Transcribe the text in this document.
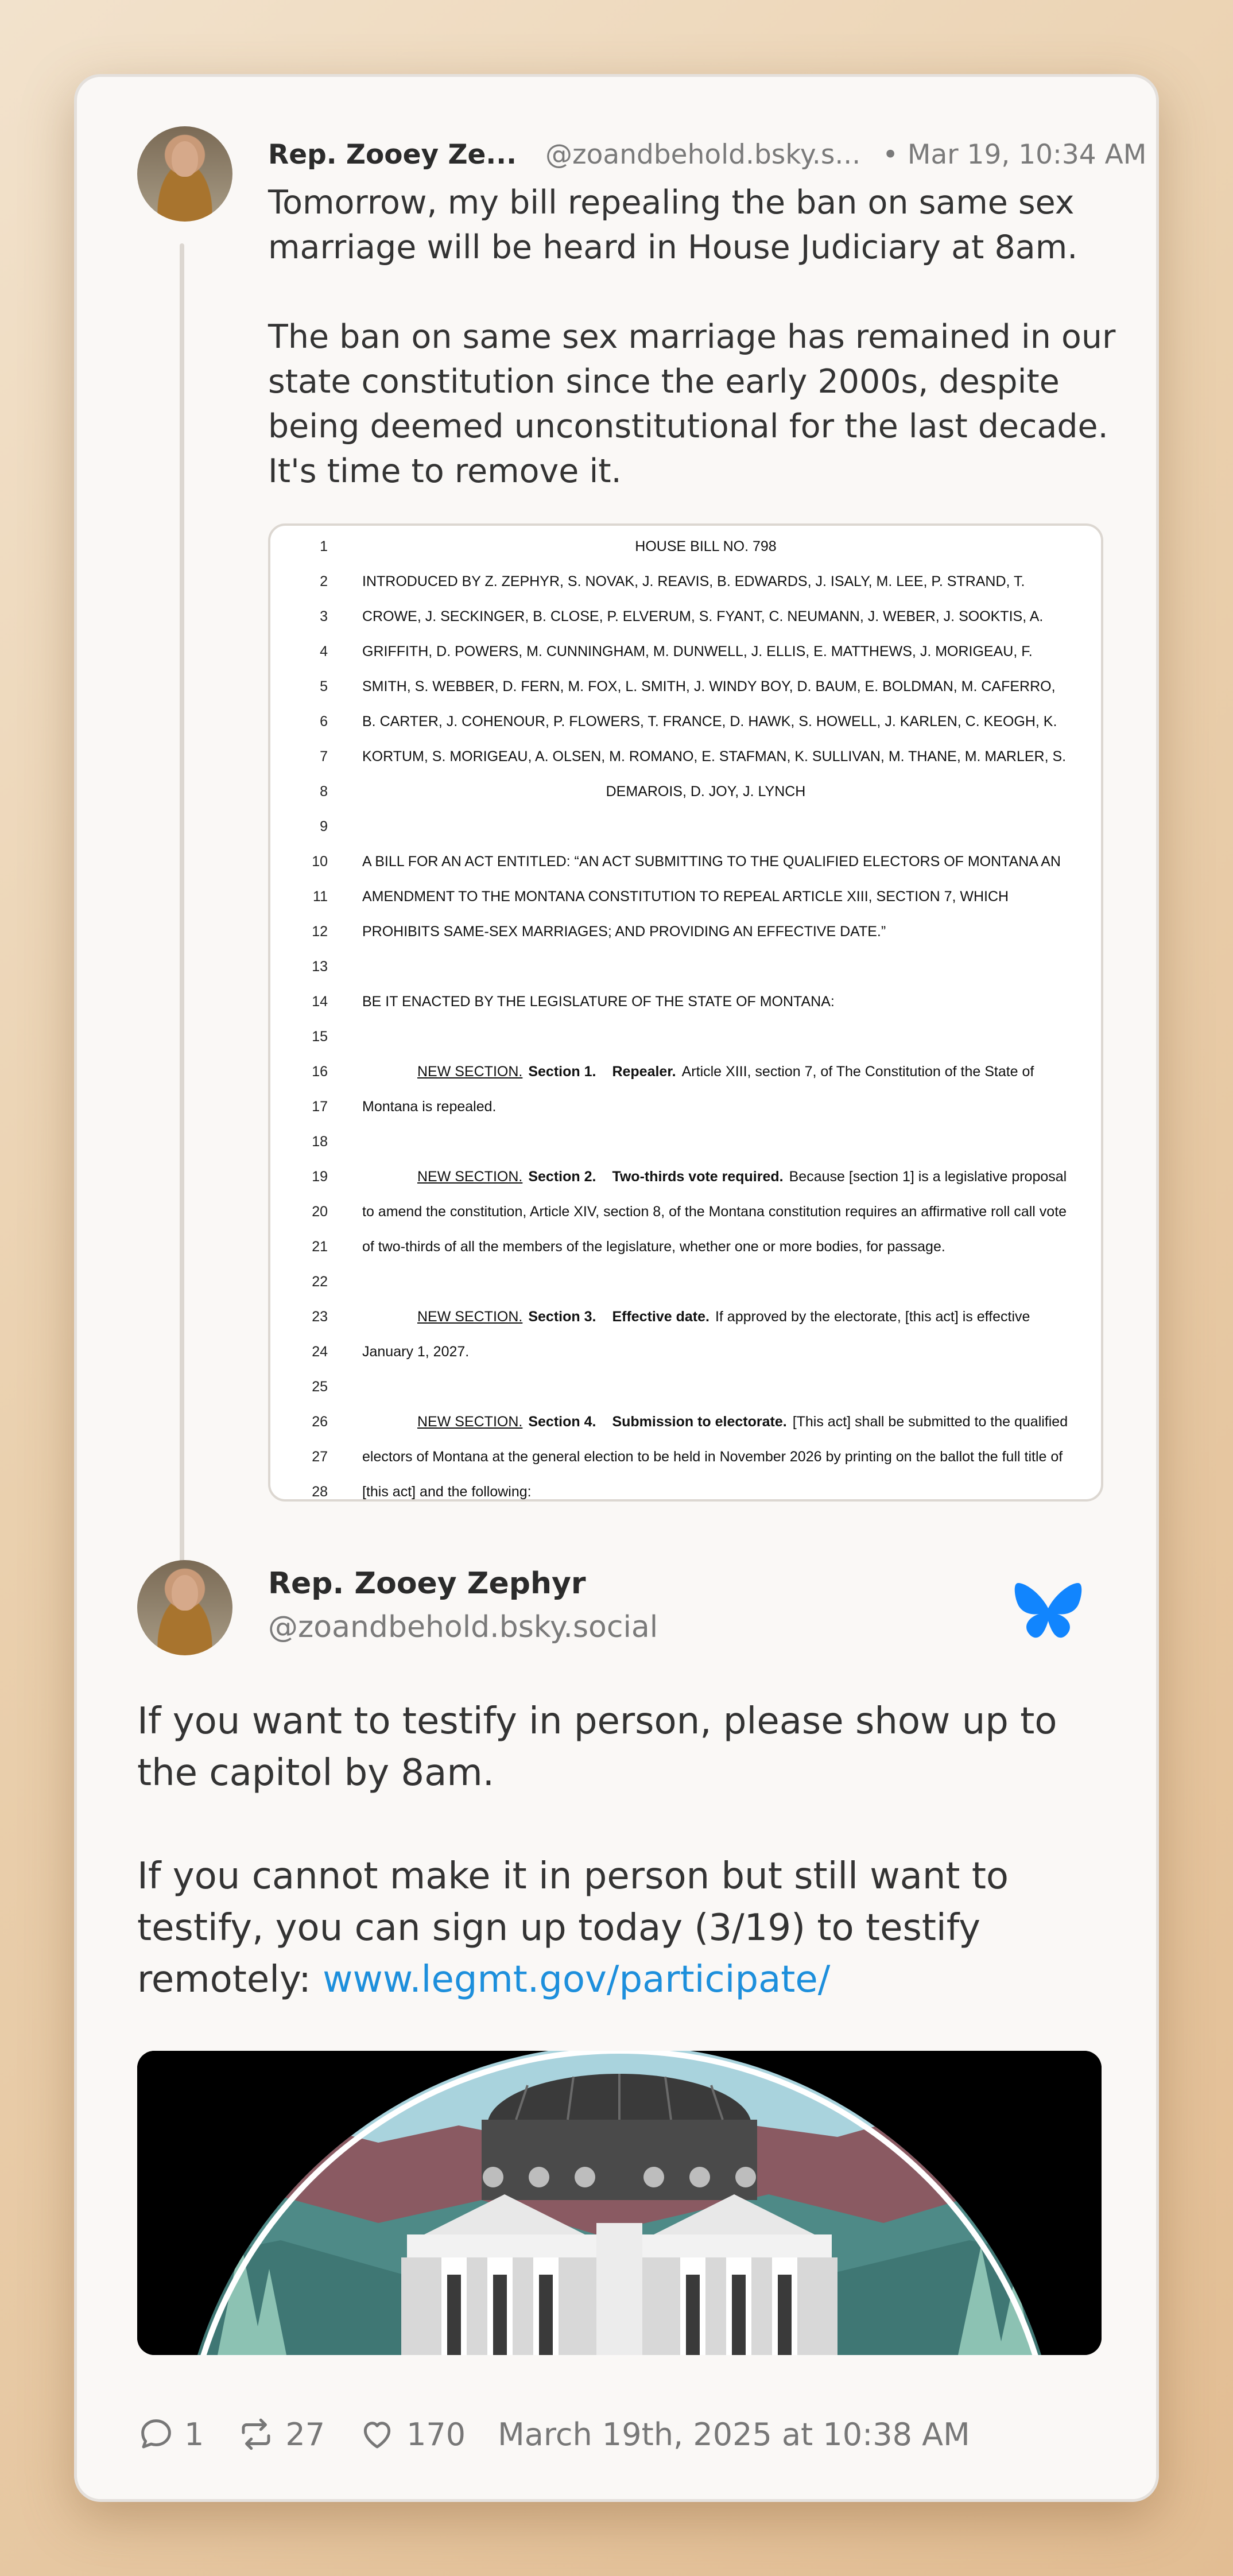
Rep. Zooey Ze... @zoandbehold.bsky.s... • Mar 19, 10:34 AM

Tomorrow, my bill repealing the ban on same sex marriage will be heard in House Judiciary at 8am.

The ban on same sex marriage has remained in our state constitution since the early 2000s, despite being deemed unconstitutional for the last decade. It's time to remove it.

1	HOUSE BILL NO. 798
2 INTRODUCED BY Z. ZEPHYR, S. NOVAK, J. REAVIS, B. EDWARDS, J. ISALY, M. LEE, P. STRAND, T.
3 CROWE, J. SECKINGER, B. CLOSE, P. ELVERUM, S. FYANT, C. NEUMANN, J. WEBER, J. SOOKTIS, A.
4 GRIFFITH, D. POWERS, M. CUNNINGHAM, M. DUNWELL, J. ELLIS, E. MATTHEWS, J. MORIGEAU, F.
5 SMITH, S. WEBBER, D. FERN, M. FOX, L. SMITH, J. WINDY BOY, D. BAUM, E. BOLDMAN, M. CAFERRO,
6 B. CARTER, J. COHENOUR, P. FLOWERS, T. FRANCE, D. HAWK, S. HOWELL, J. KARLEN, C. KEOGH, K.
7 KORTUM, S. MORIGEAU, A. OLSEN, M. ROMANO, E. STAFMAN, K. SULLIVAN, M. THANE, M. MARLER, S.
8	DEMAROIS, D. JOY, J. LYNCH
9
10 A BILL FOR AN ACT ENTITLED: “AN ACT SUBMITTING TO THE QUALIFIED ELECTORS OF MONTANA AN
11 AMENDMENT TO THE MONTANA CONSTITUTION TO REPEAL ARTICLE XIII, SECTION 7, WHICH
12 PROHIBITS SAME-SEX MARRIAGES; AND PROVIDING AN EFFECTIVE DATE.”
13
14 BE IT ENACTED BY THE LEGISLATURE OF THE STATE OF MONTANA:
15
16	NEW SECTION. Section 1. Repealer. Article XIII, section 7, of The Constitution of the State of
17 Montana is repealed.
18
19	NEW SECTION. Section 2. Two-thirds vote required. Because [section 1] is a legislative proposal
20 to amend the constitution, Article XIV, section 8, of the Montana constitution requires an affirmative roll call vote
21 of two-thirds of all the members of the legislature, whether one or more bodies, for passage.
22
23	NEW SECTION. Section 3. Effective date. If approved by the electorate, [this act] is effective
24 January 1, 2027.
25
26	NEW SECTION. Section 4. Submission to electorate. [This act] shall be submitted to the qualified
27 electors of Montana at the general election to be held in November 2026 by printing on the ballot the full title of
28 [this act] and the following:
Rep. Zooey Zephyr
@zoandbehold.bsky.social

If you want to testify in person, please show up to the capitol by 8am.

If you cannot make it in person but still want to testify, you can sign up today (3/19) to testify remotely: www.legmt.gov/participate/

1	27	170 March 19th, 2025 at 10:38 AM
